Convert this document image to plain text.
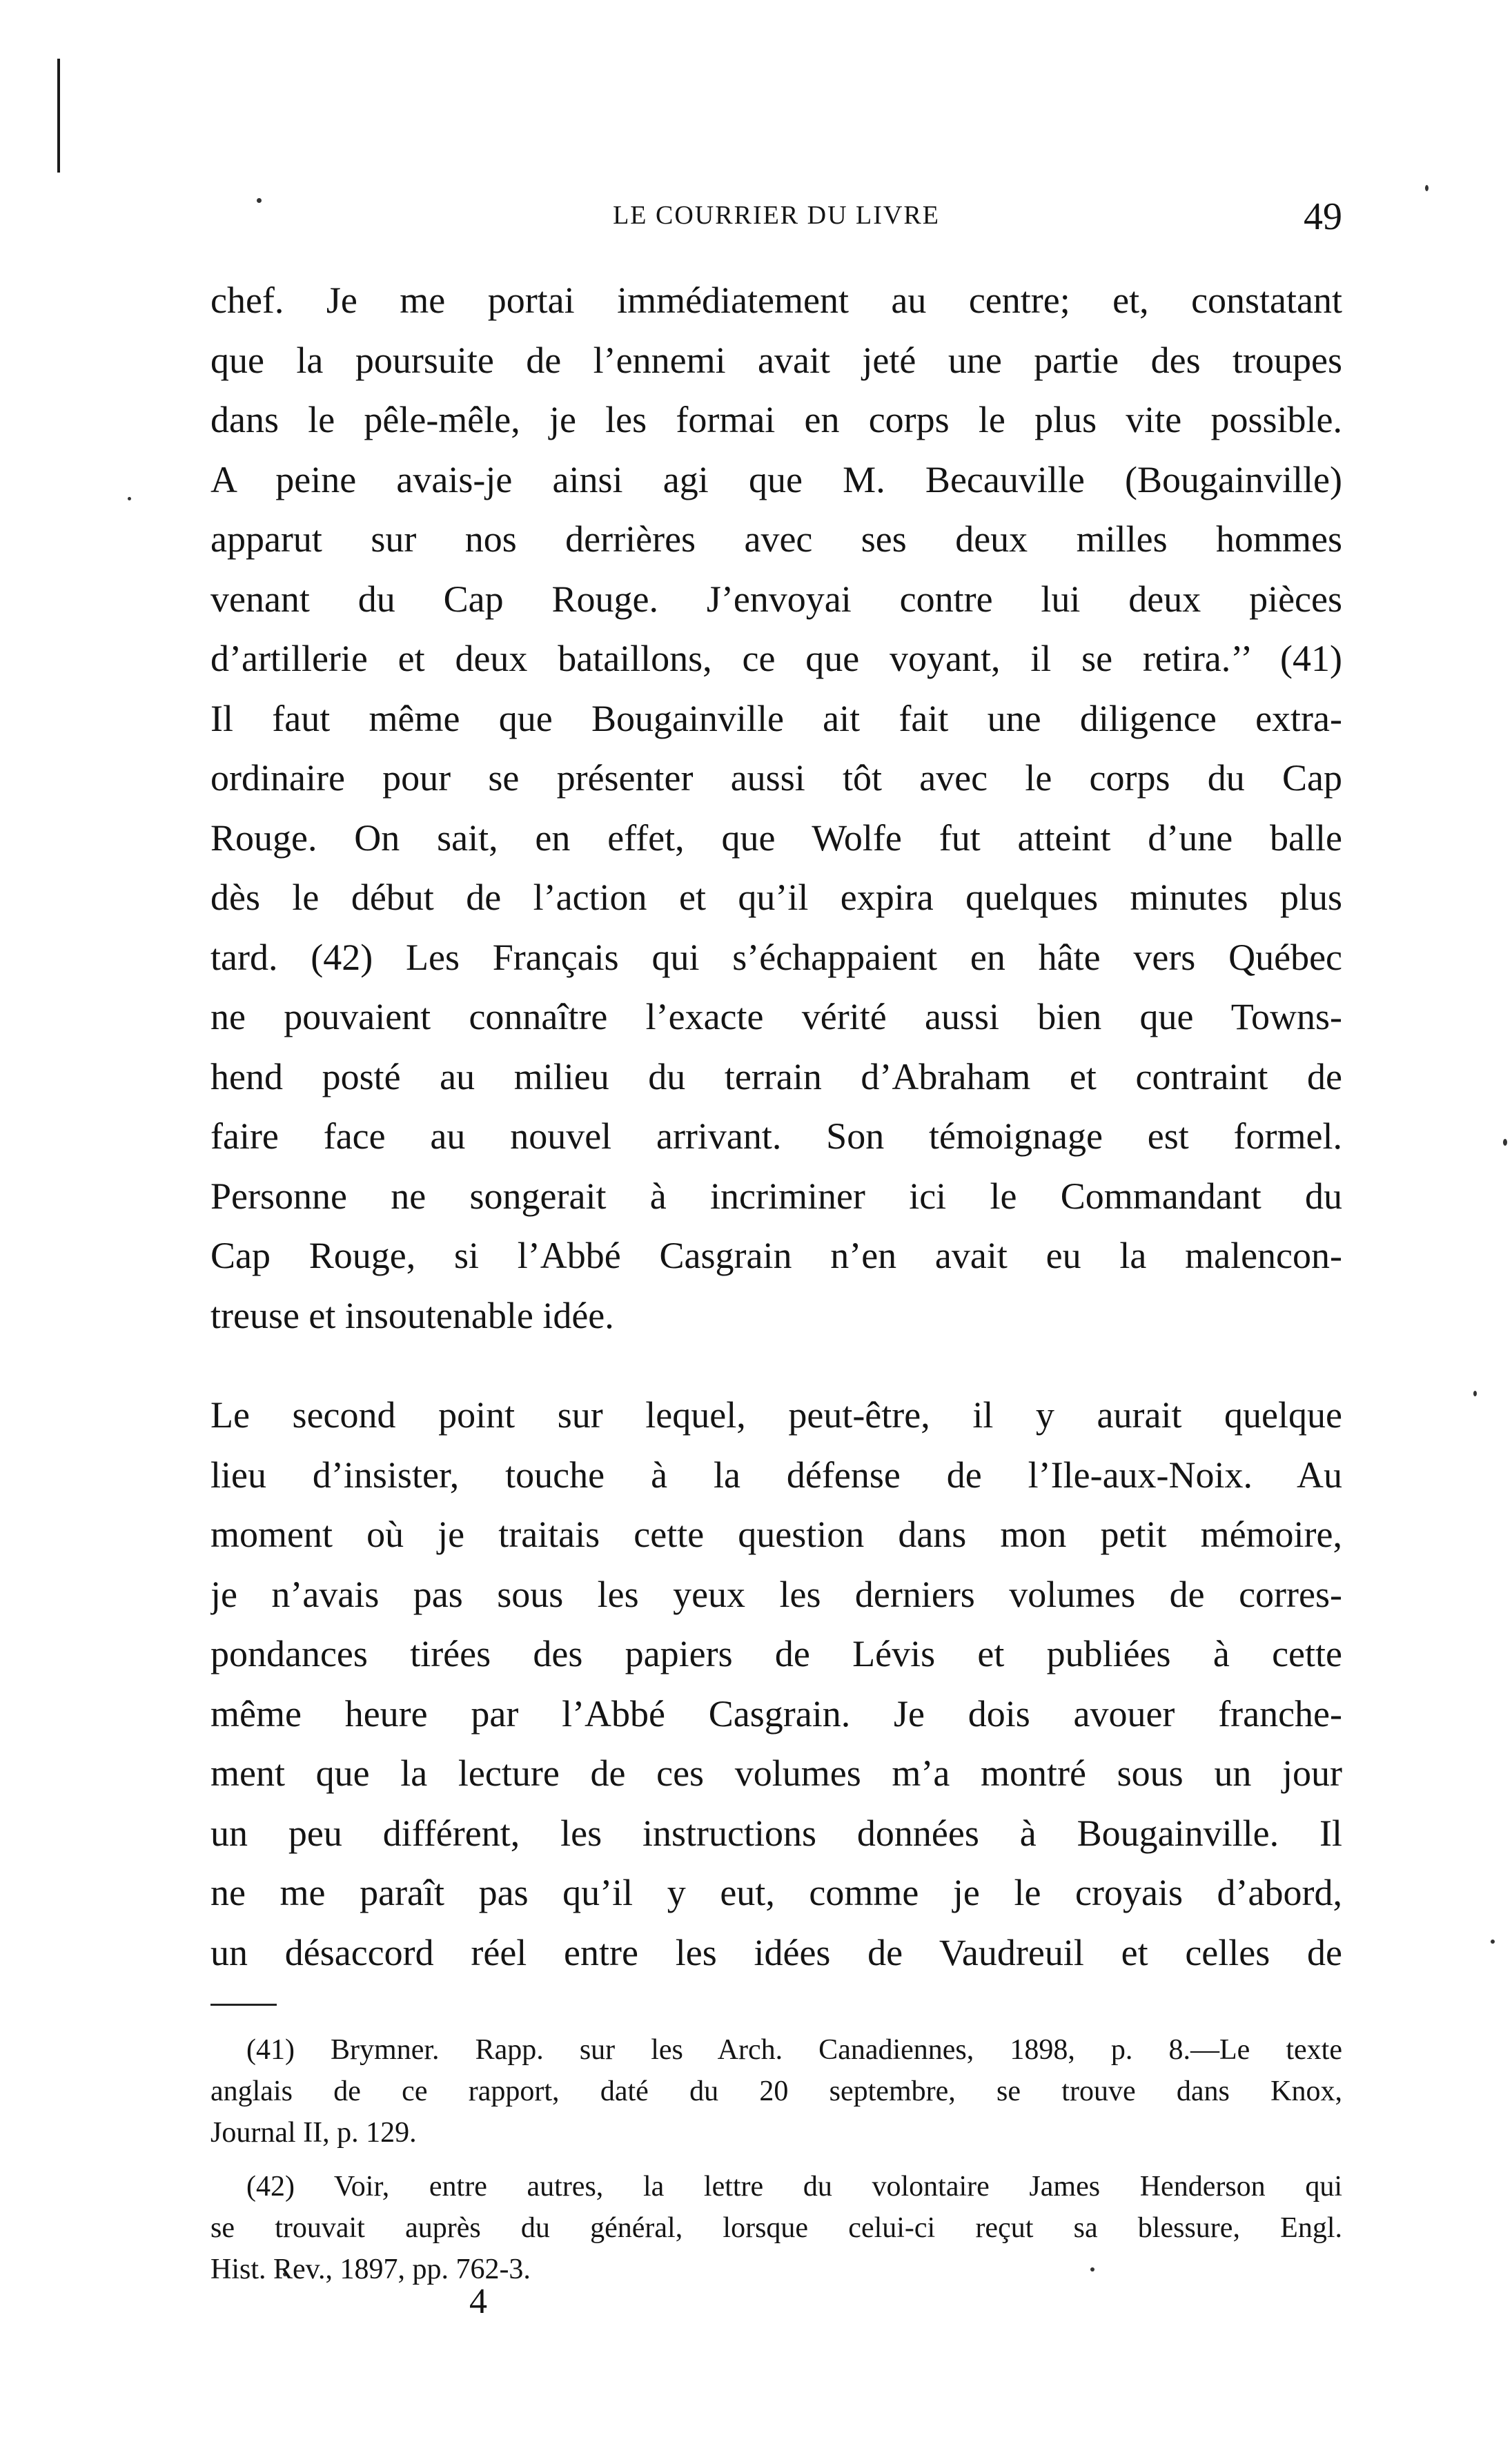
LE COURRIER DU LIVRE	49
chef. Je me portai immédiatement au centre; et, constatant
que la poursuite de l’ennemi avait jeté une partie des troupes
dans le pêle-mêle, je les formai en corps le plus vite possible.
A peine avais-je ainsi agi que M. Becauville (Bougainville)
apparut sur nos derrières avec ses deux milles hommes
venant du Cap Rouge. J’envoyai contre lui deux pièces
d’artillerie et deux bataillons, ce que voyant, il se retira.’’ (41)
Il faut même que Bougainville ait fait une diligence extra-
ordinaire pour se présenter aussi tôt avec le corps du Cap
Rouge. On sait, en effet, que Wolfe fut atteint d’une balle
dès le début de l’action et qu’il expira quelques minutes plus
tard. (42) Les Français qui s’échappaient en hâte vers Québec
ne pouvaient connaître l’exacte vérité aussi bien que Towns-
hend posté au milieu du terrain d’Abraham et contraint de
faire face au nouvel arrivant. Son témoignage est formel.
Personne ne songerait à incriminer ici le Commandant du
Cap Rouge, si l’Abbé Casgrain n’en avait eu la malencon-
treuse et insoutenable idée.
Le second point sur lequel, peut-être, il y aurait quelque
lieu d’insister, touche à la défense de l’Ile-aux-Noix. Au
moment où je traitais cette question dans mon petit mémoire,
je n’avais pas sous les yeux les derniers volumes de corres-
pondances tirées des papiers de Lévis et publiées à cette
même heure par l’Abbé Casgrain. Je dois avouer franche-
ment que la lecture de ces volumes m’a montré sous un jour
un peu différent, les instructions données à Bougainville. Il
ne me paraît pas qu’il y eut, comme je le croyais d’abord,
un désaccord réel entre les idées de Vaudreuil et celles de
(41) Brymner. Rapp. sur les Arch. Canadiennes, 1898, p. 8.—Le texte
anglais de ce rapport, daté du 20 septembre, se trouve dans Knox,
Journal II, p. 129.
(42) Voir, entre autres, la lettre du volontaire James Henderson qui
se trouvait auprès du général, lorsque celui-ci reçut sa blessure, Engl.
Hist. Rev., 1897, pp. 762-3.
4
